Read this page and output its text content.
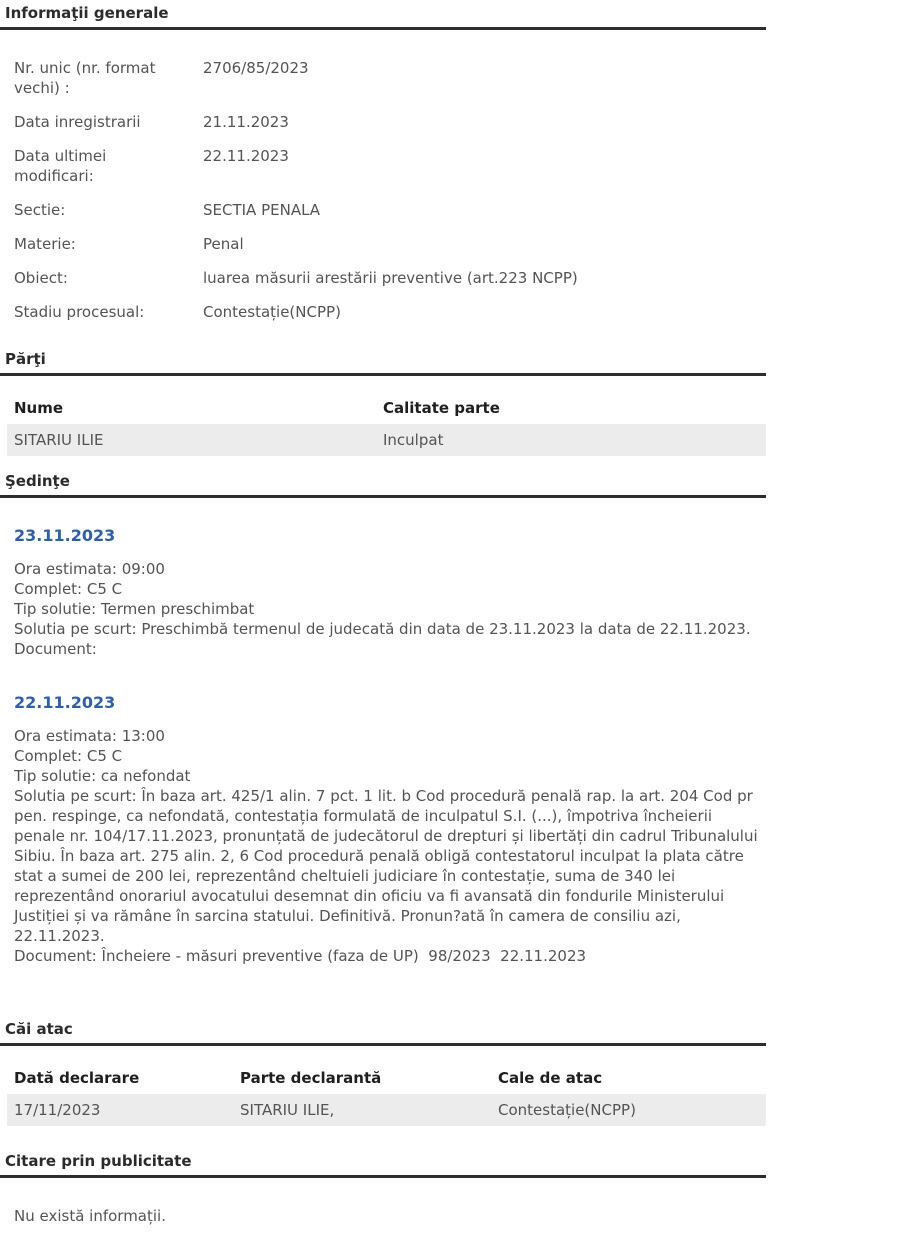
Informaţii generale
Nr. unic (nr. format vechi) :
2706/85/2023
Data inregistrarii	21.11.2023
Data ultimei modificari:
22.11.2023
Sectie:	SECTIA PENALA
Materie:	Penal
Obiect:	luarea măsurii arestării preventive (art.223 NCPP)
Stadiu procesual:	Contestație(NCPP)
Părţi
Nume	Calitate parte
SITARIU ILIE	Inculpat
Şedinţe
23.11.2023
Ora estimata: 09:00
Complet: C5 C
Tip solutie: Termen preschimbat
Solutia pe scurt: Preschimbă termenul de judecată din data de 23.11.2023 la data de 22.11.2023.
Document:
22.11.2023
Ora estimata: 13:00
Complet: C5 C
Tip solutie: ca nefondat
Solutia pe scurt: În baza art. 425/1 alin. 7 pct. 1 lit. b Cod procedură penală rap. la art. 204 Cod pr pen. respinge, ca nefondată, contestația formulată de inculpatul S.I. (...), împotriva încheierii penale nr. 104/17.11.2023, pronunțată de judecătorul de drepturi și libertăți din cadrul Tribunalului Sibiu. În baza art. 275 alin. 2, 6 Cod procedură penală obligă contestatorul inculpat la plata către stat a sumei de 200 lei, reprezentând cheltuieli judiciare în contestație, suma de 340 lei reprezentând onorariul avocatului desemnat din oficiu va fi avansată din fondurile Ministerului Justiției și va rămâne în sarcina statului. Definitivă. Pronun?ată în camera de consiliu azi, 22.11.2023.
Document: Încheiere - măsuri preventive (faza de UP)  98/2023  22.11.2023
Căi atac
Dată declarare	Parte declarantă	Cale de atac
17/11/2023	SITARIU ILIE,	Contestație(NCPP)
Citare prin publicitate
Nu există informații.
